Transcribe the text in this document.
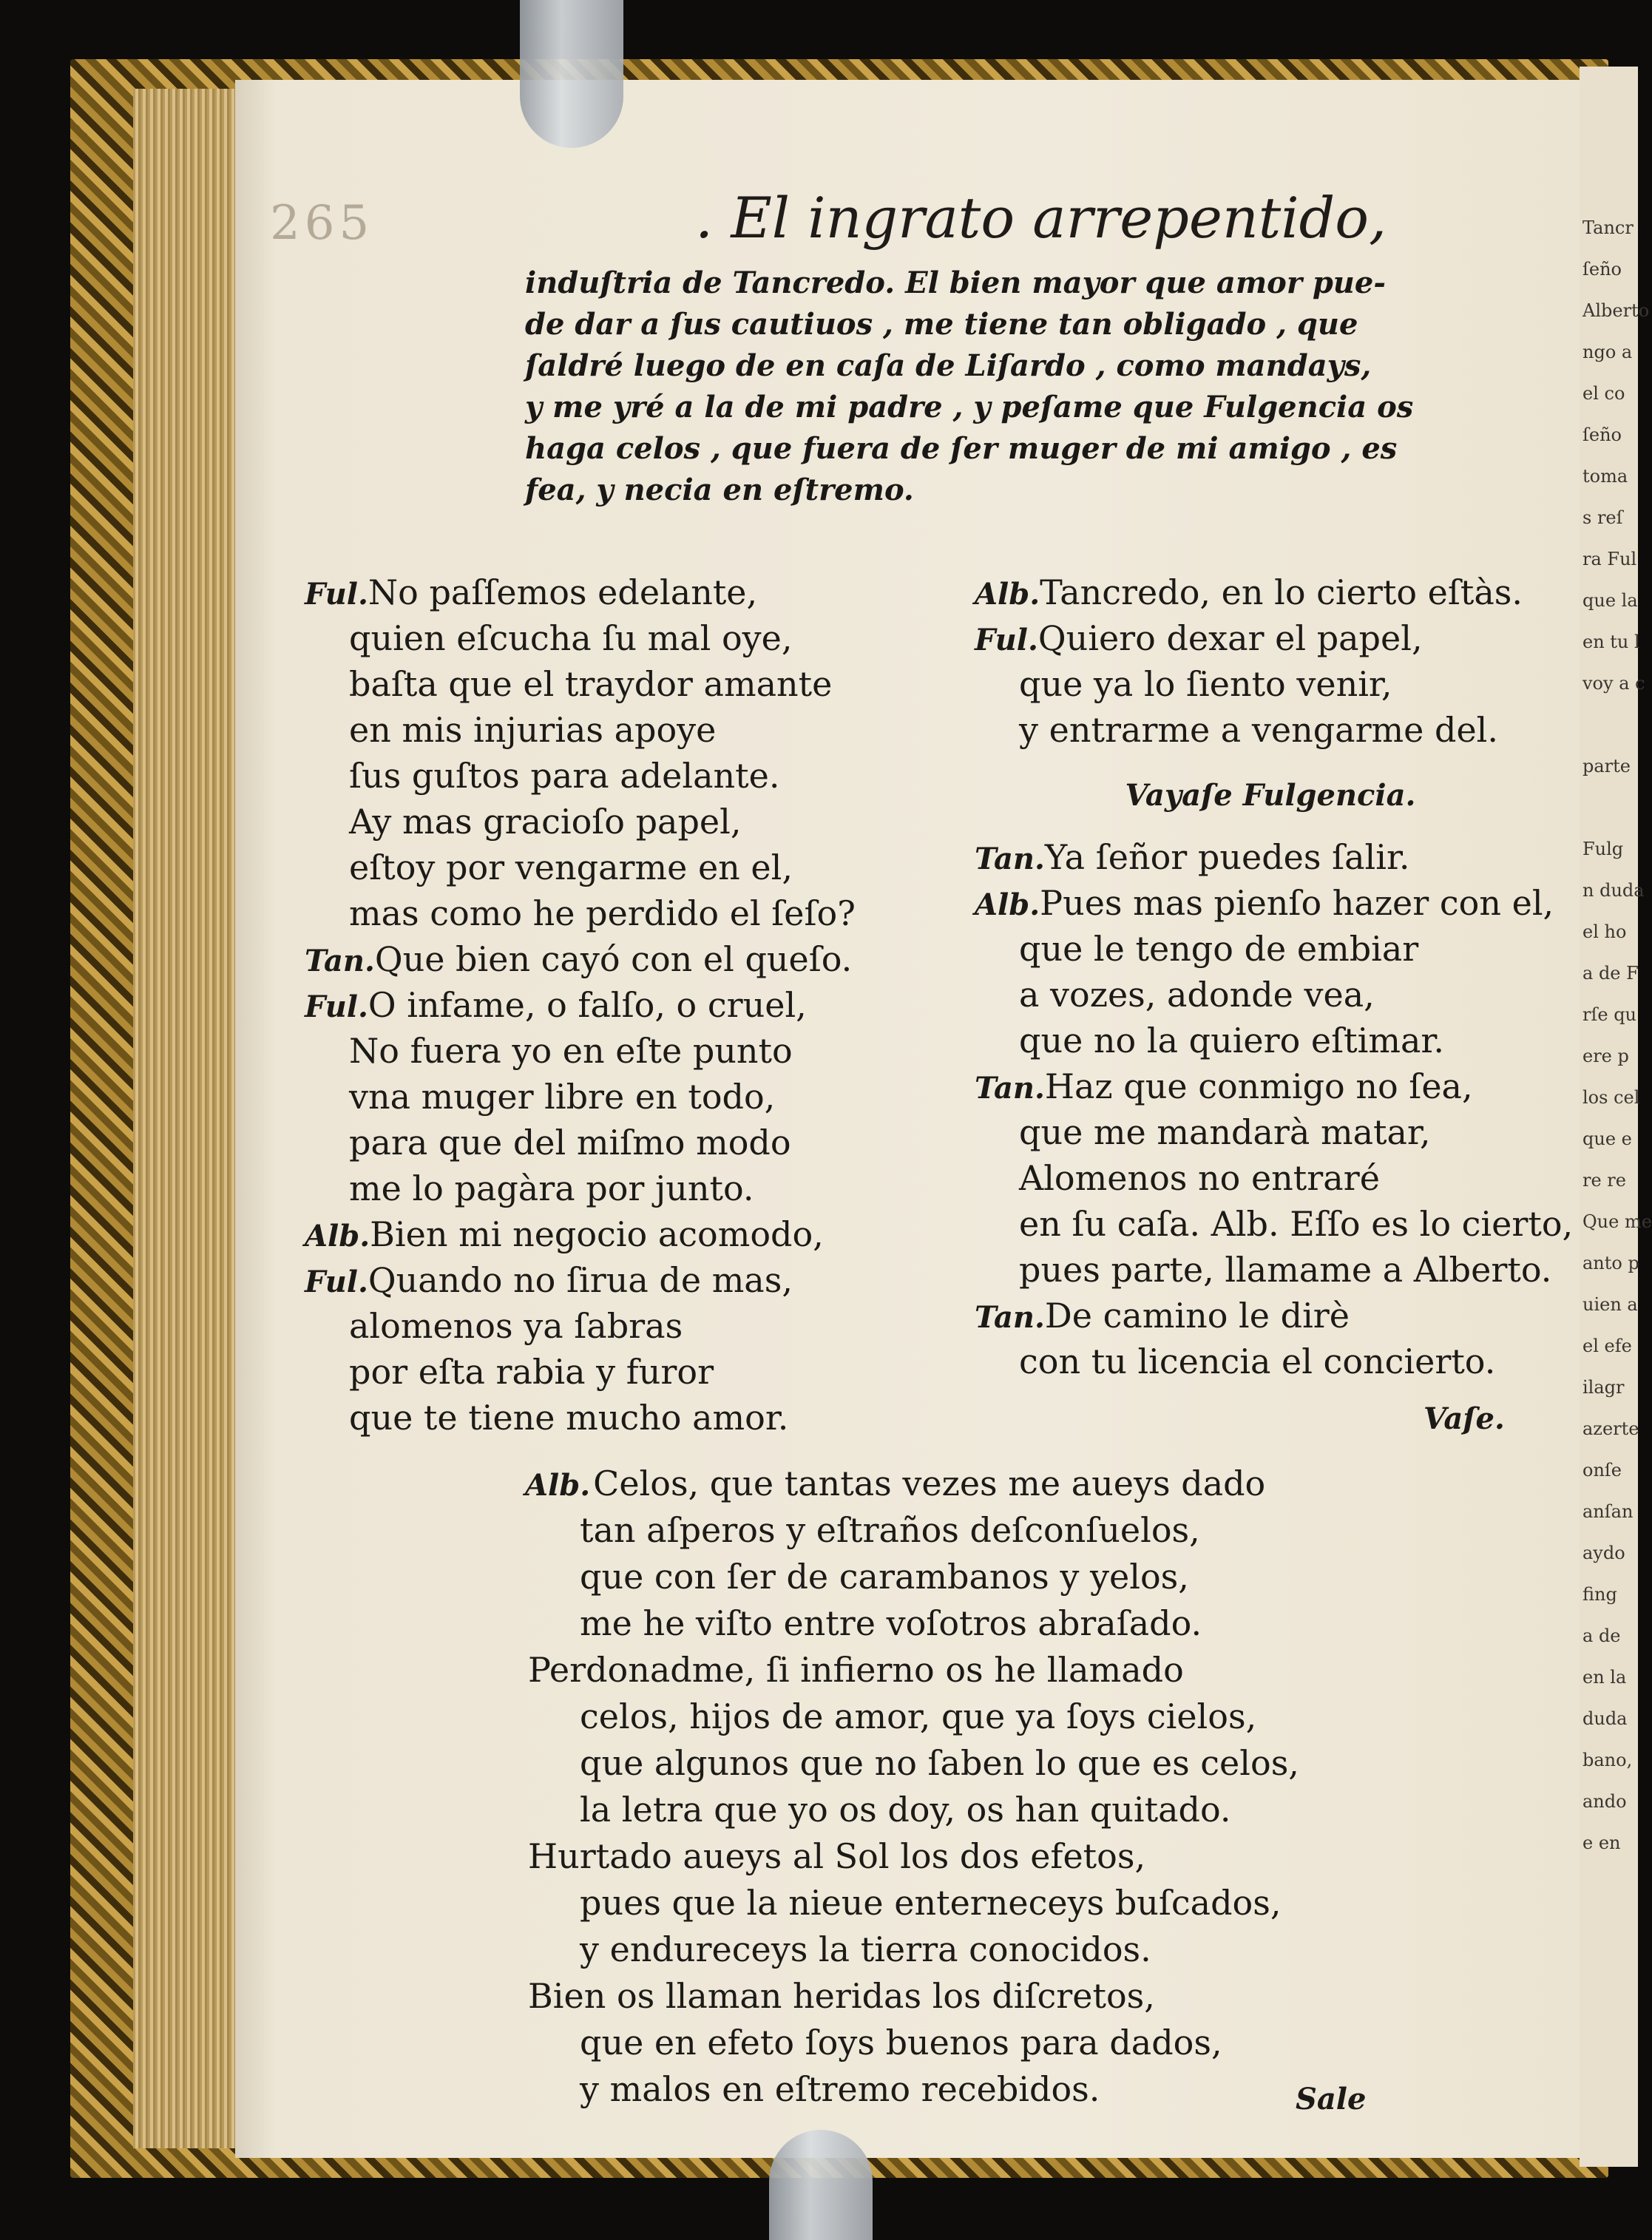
Tancr
ſeño
Alberto
ngo a
el co
ſeño
toma
s reſ
ra Ful
que la
en tu l
voy a c
parte
Fulg
n duda
el ho
a de F
rſe qu
ere p
los cel
que e
re re
Que me
anto p
uien a
el efe
ilagr
azerte
onſe
anſan
aydo
fing
a de
en la
duda
bano,
ando
e en
265	. El ingrato arrepentido,
induſtria de Tancredo. El bien mayor que amor pue-
de dar a ſus cautiuos , me tiene tan obligado , que
ſaldré luego de en caſa de Liſardo , como mandays,
y me yré a la de mi padre , y peſame que Fulgencia os
haga celos , que fuera de ſer muger de mi amigo , es
fea, y necia en eſtremo.
Ful.No paſſemos edelante,
quien eſcucha ſu mal oye,
baſta que el traydor amante
en mis injurias apoye
ſus guſtos para adelante.
Ay mas gracioſo papel,
eſtoy por vengarme en el,
mas como he perdido el ſeſo?
Tan.Que bien cayó con el queſo.
Ful.O infame, o falſo, o cruel,
No fuera yo en eſte punto
vna muger libre en todo,
para que del miſmo modo
me lo pagàra por junto.
Alb.Bien mi negocio acomodo,
Ful.Quando no ſirua de mas,
alomenos ya ſabras
por eſta rabia y furor
que te tiene mucho amor.
Alb.Tancredo, en lo cierto eſtàs.
Ful.Quiero dexar el papel,
que ya lo ſiento venir,
y entrarme a vengarme del.
Vayaſe Fulgencia.
Tan.Ya ſeñor puedes ſalir.
Alb.Pues mas pienſo hazer con el,
que le tengo de embiar
a vozes, adonde vea,
que no la quiero eſtimar.
Tan.Haz que conmigo no ſea,
que me mandarà matar,
Alomenos no entraré
en ſu caſa. Alb. Eſſo es lo cierto,
pues parte, llamame a Alberto.
Tan.De camino le dirè
con tu licencia el concierto.
Vaſe.
Alb.Celos, que tantas vezes me aueys dado
tan aſperos y eſtraños deſconſuelos,
que con ſer de carambanos y yelos,
me he viſto entre voſotros abraſado.
Perdonadme, ſi infierno os he llamado
celos, hijos de amor, que ya ſoys cielos,
que algunos que no ſaben lo que es celos,
la letra que yo os doy, os han quitado.
Hurtado aueys al Sol los dos efetos,
pues que la nieue enterneceys buſcados,
y endureceys la tierra conocidos.
Bien os llaman heridas los diſcretos,
que en efeto ſoys buenos para dados,
y malos en eſtremo recebidos.	Sale
